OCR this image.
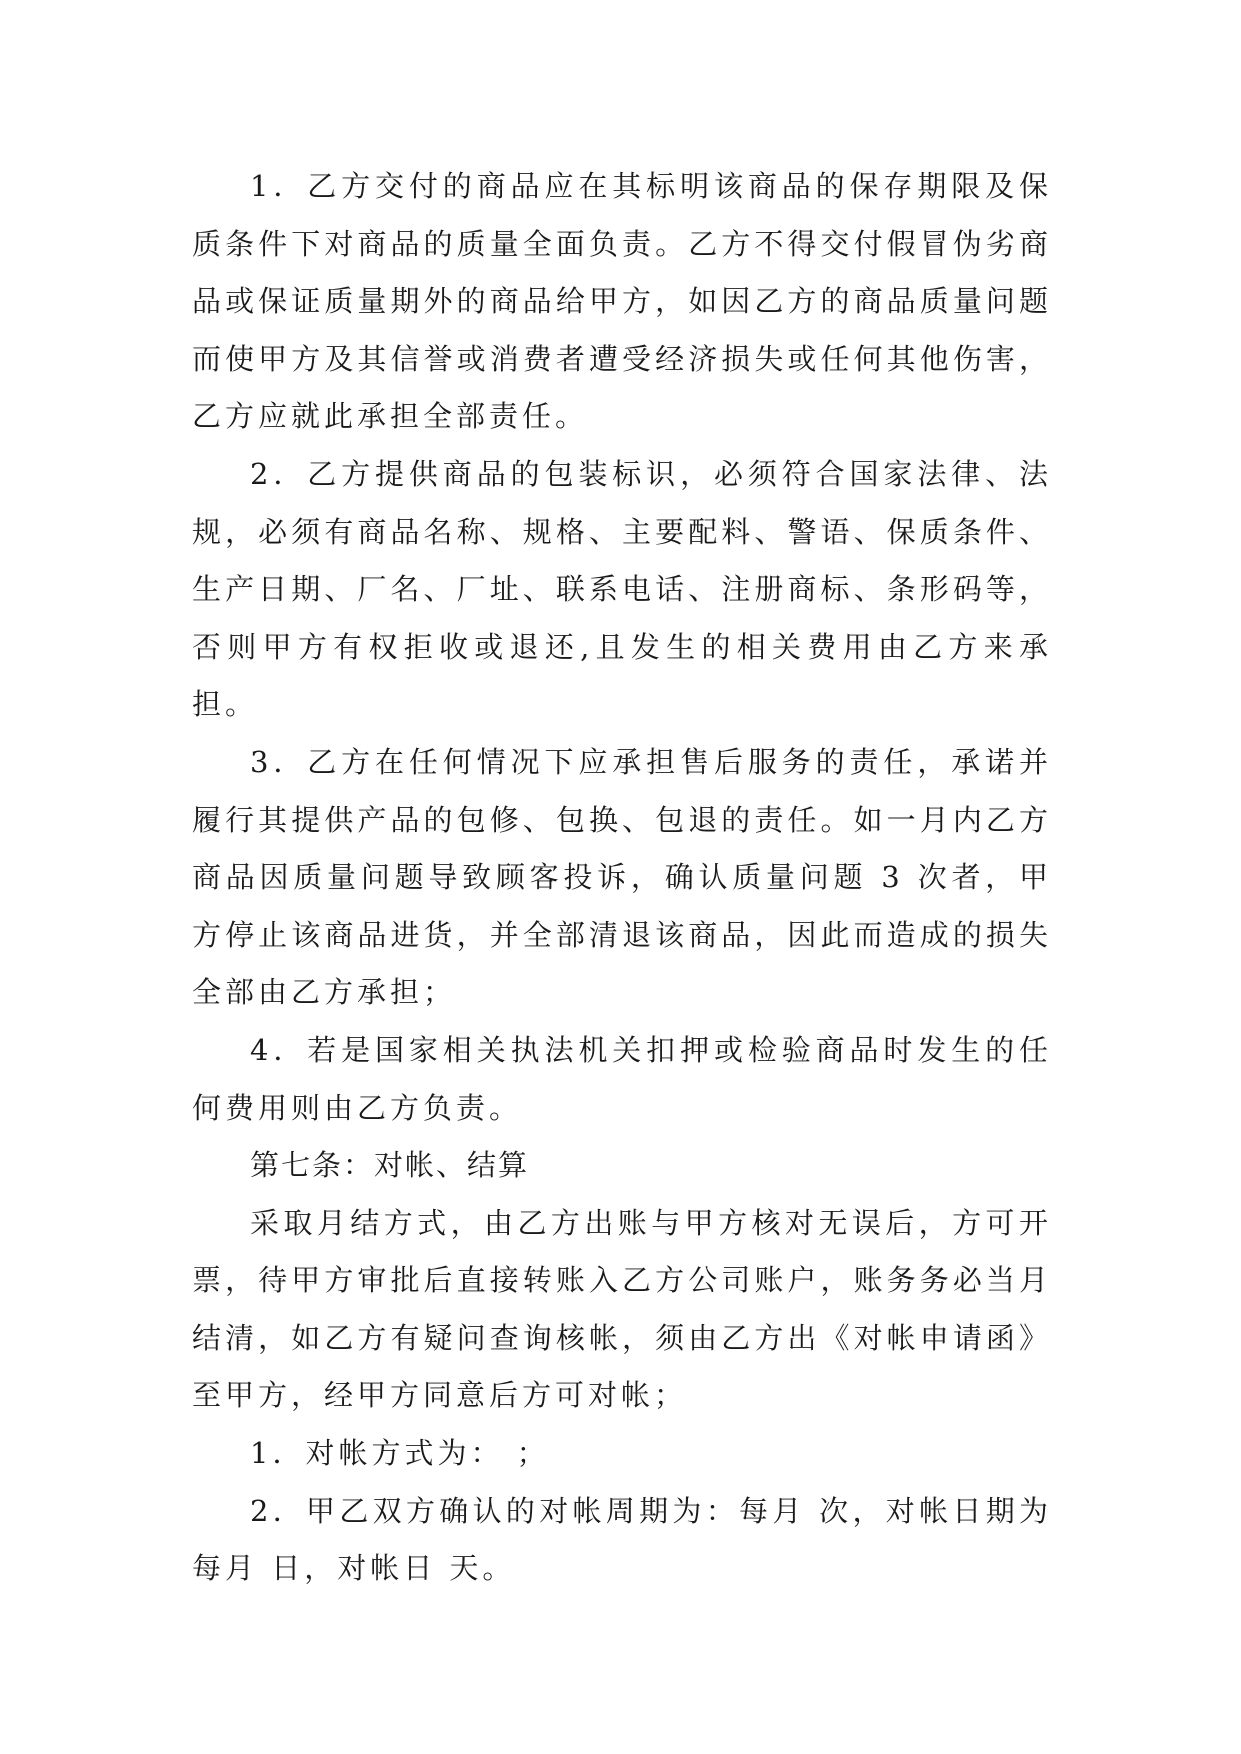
1．乙方交付的商品应在其标明该商品的保存期限及保质条件下对商品的质量全面负责。乙方不得交付假冒伪劣商品或保证质量期外的商品给甲方，如因乙方的商品质量问题而使甲方及其信誉或消费者遭受经济损失或任何其他伤害，乙方应就此承担全部责任。

2．乙方提供商品的包装标识，必须符合国家法律、法规，必须有商品名称、规格、主要配料、警语、保质条件、生产日期、厂名、厂址、联系电话、注册商标、条形码等，否则甲方有权拒收或退还,且发生的相关费用由乙方来承担。

3．乙方在任何情况下应承担售后服务的责任，承诺并履行其提供产品的包修、包换、包退的责任。如一月内乙方商品因质量问题导致顾客投诉，确认质量问题 3 次者，甲方停止该商品进货，并全部清退该商品，因此而造成的损失全部由乙方承担；

4．若是国家相关执法机关扣押或检验商品时发生的任何费用则由乙方负责。

第七条：对帐、结算

采取月结方式，由乙方出账与甲方核对无误后，方可开票，待甲方审批后直接转账入乙方公司账户，账务务必当月结清，如乙方有疑问查询核帐，须由乙方出《对帐申请函》至甲方，经甲方同意后方可对帐；

1．对帐方式为： ；

2．甲乙双方确认的对帐周期为：每月 次，对帐日期为每月 日，对帐日 天。
